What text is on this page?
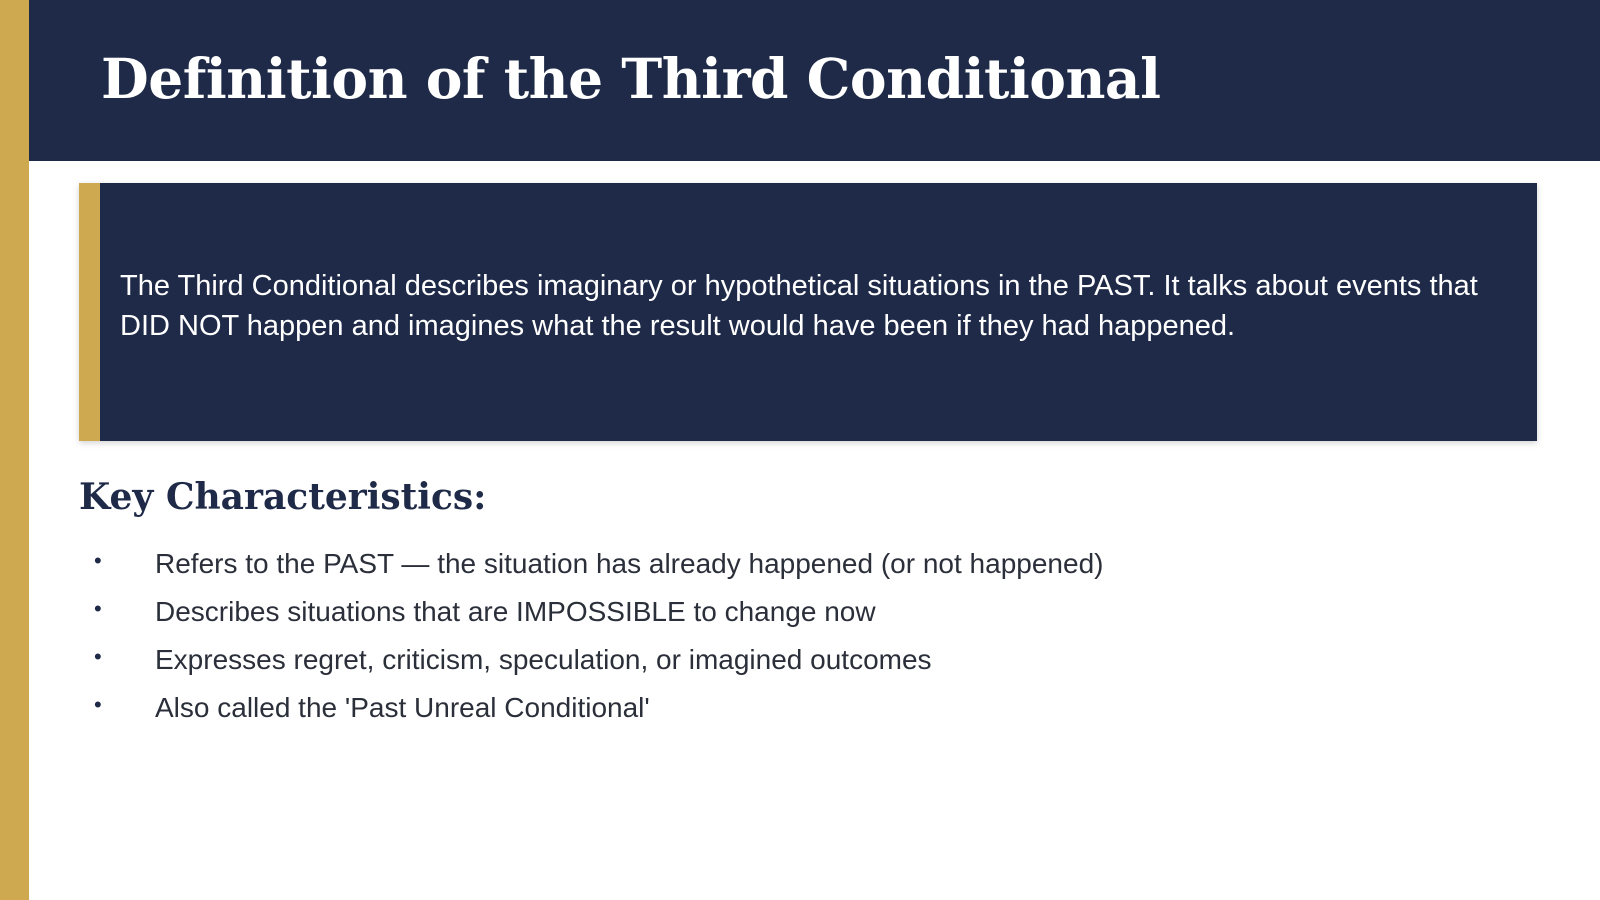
Definition of the Third Conditional

The Third Conditional describes imaginary or hypothetical situations in the PAST. It talks about events that DID NOT happen and imagines what the result would have been if they had happened.

Key Characteristics:
• Refers to the PAST — the situation has already happened (or not happened)
• Describes situations that are IMPOSSIBLE to change now
• Expresses regret, criticism, speculation, or imagined outcomes
• Also called the 'Past Unreal Conditional'
